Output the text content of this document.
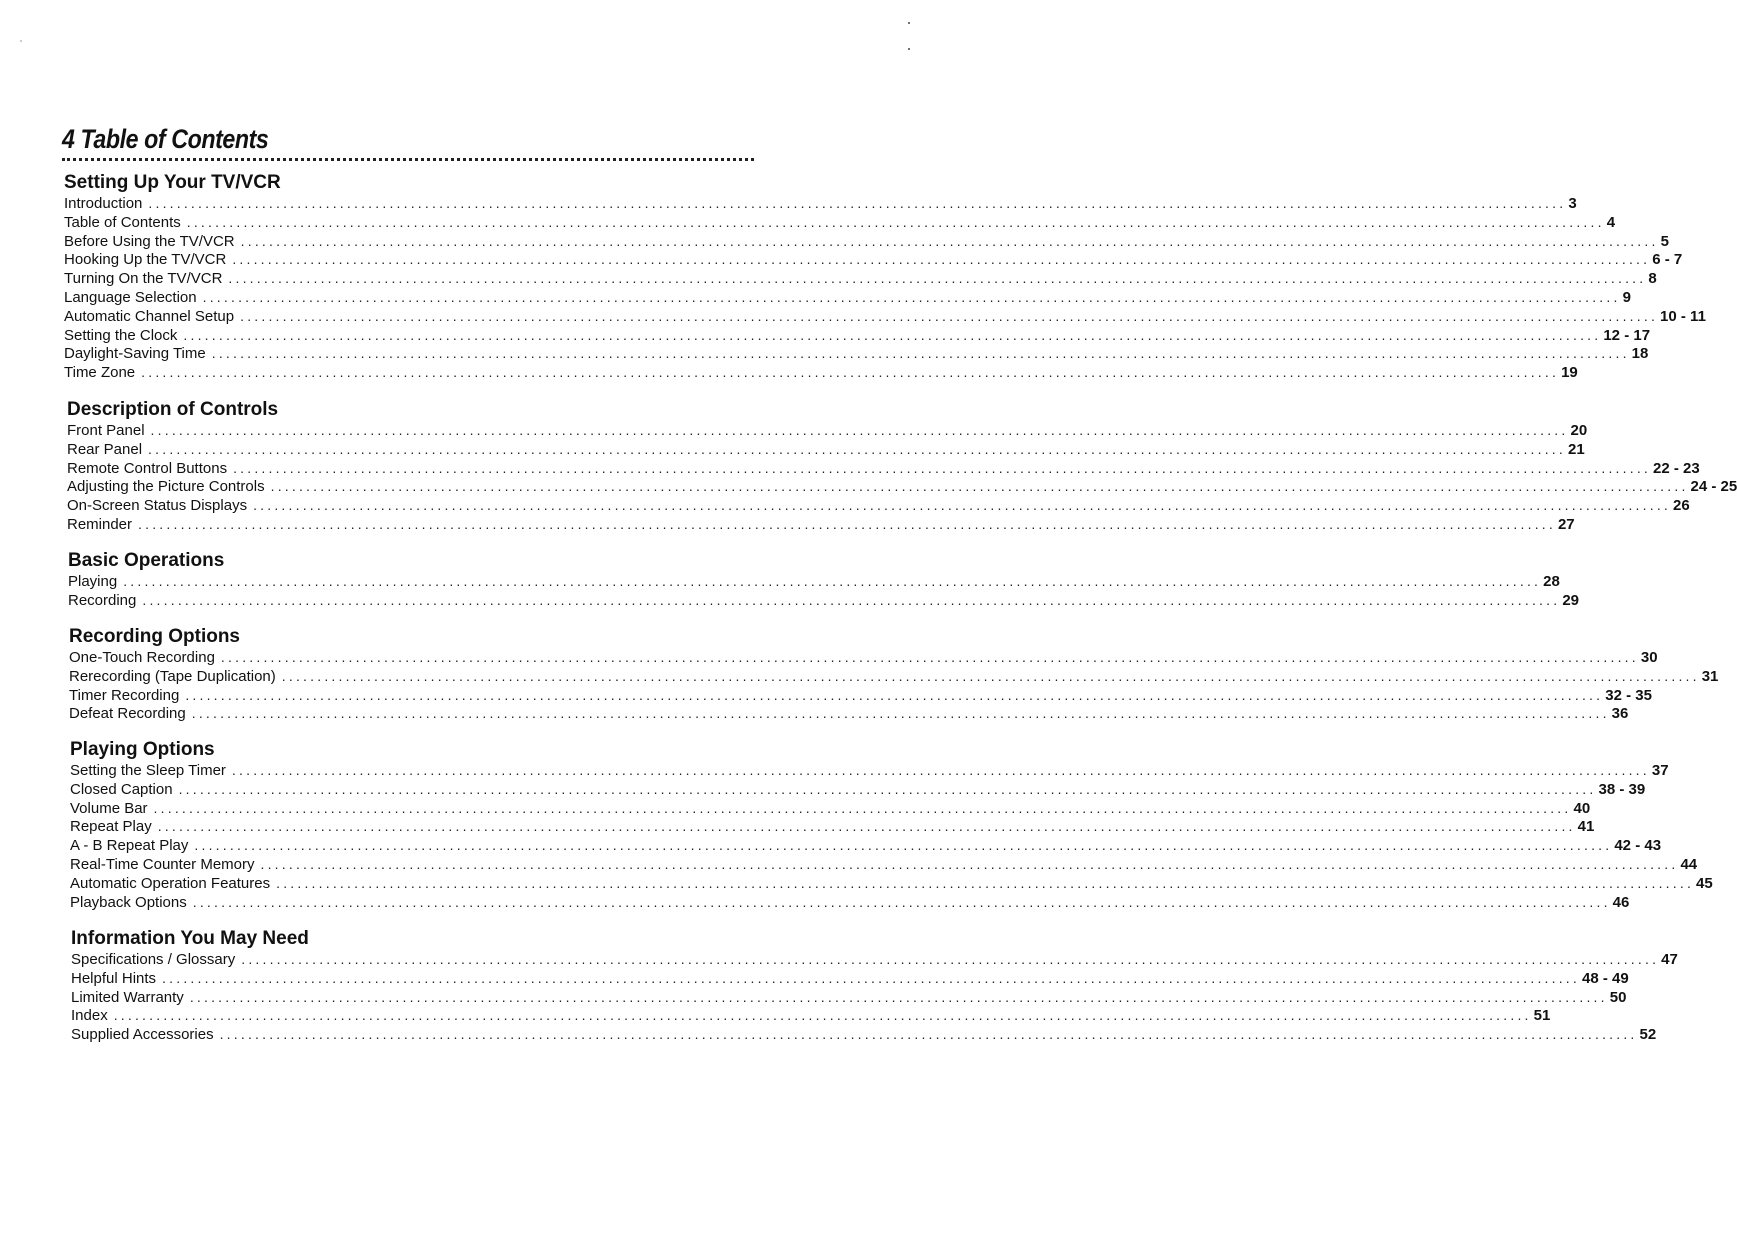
4 Table of Contents
Setting Up Your TV/VCR
Introduction ........................................................................................................................................................................................................ 3
Table of Contents ........................................................................................................................................................................................................ 4
Before Using the TV/VCR ........................................................................................................................................................................................................ 5
Hooking Up the TV/VCR ........................................................................................................................................................................................................ 6 - 7
Turning On the TV/VCR ........................................................................................................................................................................................................ 8
Language Selection ........................................................................................................................................................................................................ 9
Automatic Channel Setup ........................................................................................................................................................................................................ 10 - 11
Setting the Clock ........................................................................................................................................................................................................ 12 - 17
Daylight-Saving Time ........................................................................................................................................................................................................ 18
Time Zone ........................................................................................................................................................................................................ 19
Description of Controls
Front Panel ........................................................................................................................................................................................................ 20
Rear Panel ........................................................................................................................................................................................................ 21
Remote Control Buttons ........................................................................................................................................................................................................ 22 - 23
Adjusting the Picture Controls ........................................................................................................................................................................................................ 24 - 25
On-Screen Status Displays ........................................................................................................................................................................................................ 26
Reminder ........................................................................................................................................................................................................ 27
Basic Operations
Playing ........................................................................................................................................................................................................ 28
Recording ........................................................................................................................................................................................................ 29
Recording Options
One-Touch Recording ........................................................................................................................................................................................................ 30
Rerecording (Tape Duplication) ........................................................................................................................................................................................................ 31
Timer Recording ........................................................................................................................................................................................................ 32 - 35
Defeat Recording ........................................................................................................................................................................................................ 36
Playing Options
Setting the Sleep Timer ........................................................................................................................................................................................................ 37
Closed Caption ........................................................................................................................................................................................................ 38 - 39
Volume Bar ........................................................................................................................................................................................................ 40
Repeat Play ........................................................................................................................................................................................................ 41
A - B Repeat Play ........................................................................................................................................................................................................ 42 - 43
Real-Time Counter Memory ........................................................................................................................................................................................................ 44
Automatic Operation Features ........................................................................................................................................................................................................ 45
Playback Options ........................................................................................................................................................................................................ 46
Information You May Need
Specifications / Glossary ........................................................................................................................................................................................................ 47
Helpful Hints ........................................................................................................................................................................................................ 48 - 49
Limited Warranty ........................................................................................................................................................................................................ 50
Index ........................................................................................................................................................................................................ 51
Supplied Accessories ........................................................................................................................................................................................................ 52
